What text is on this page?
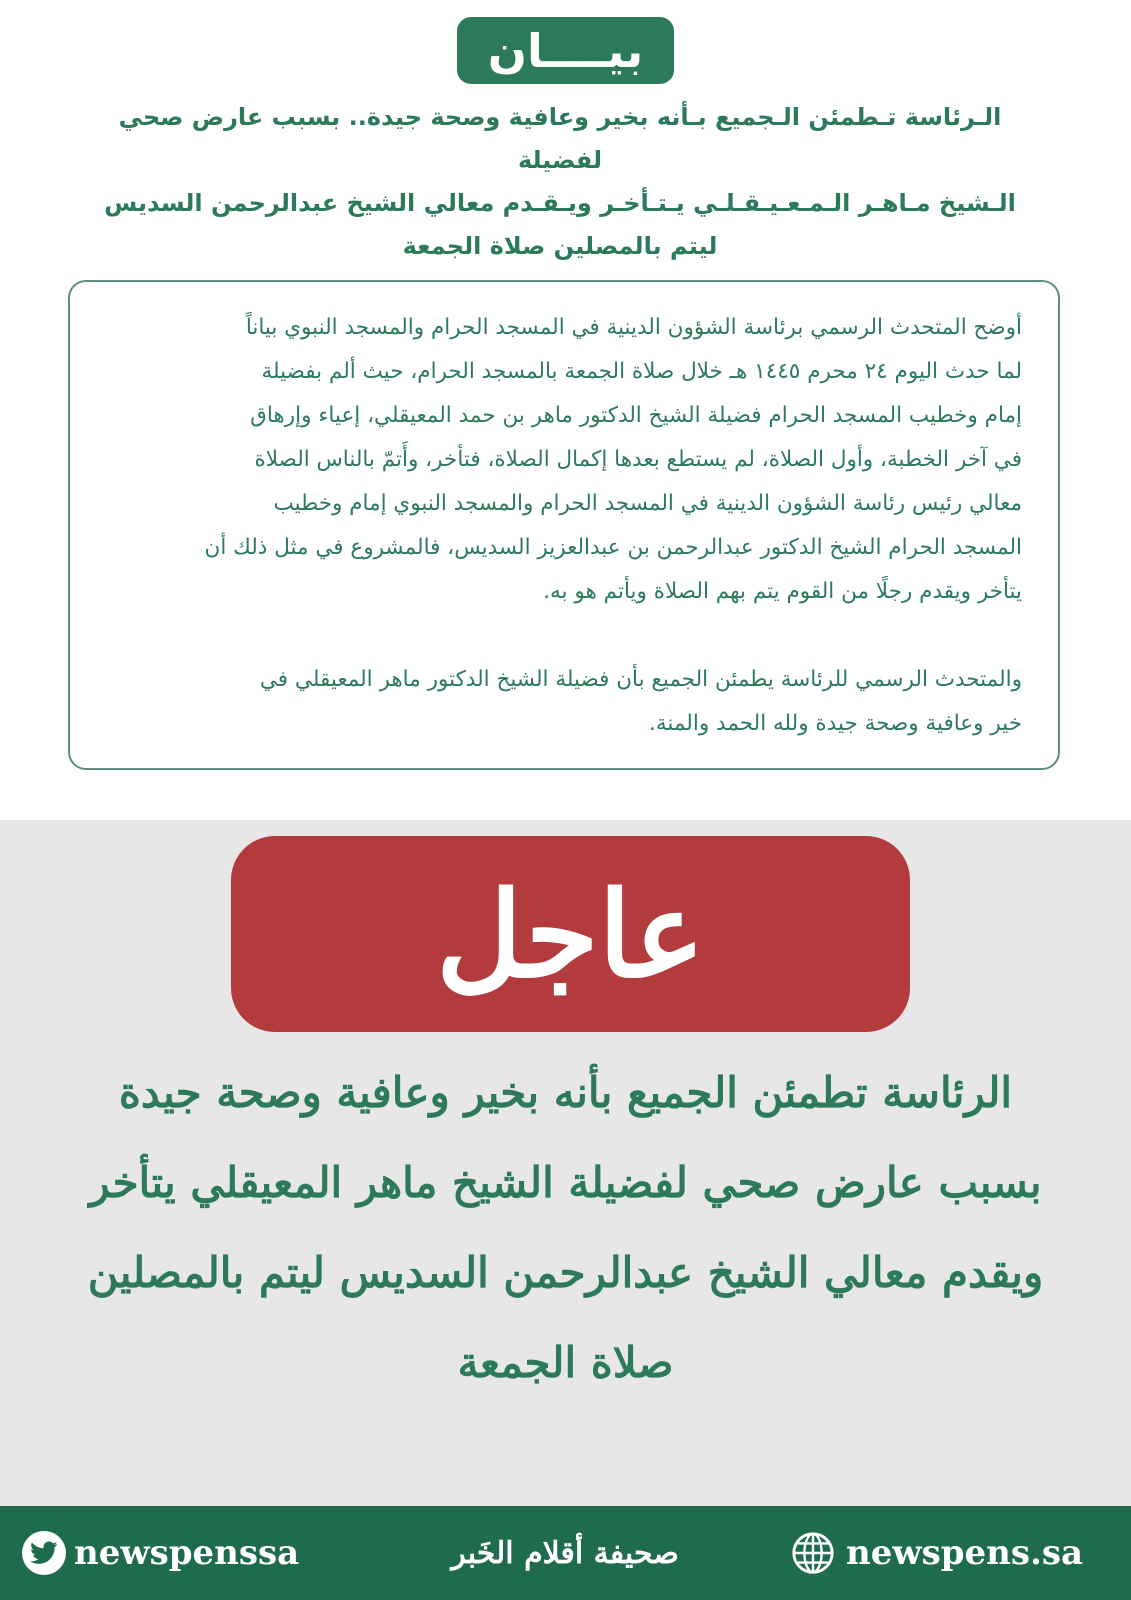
بيــــان
الـرئاسة تـطمئن الـجميع بـأنه بخير وعافية وصحة جيدة.. بسبب عارض صحي لفضيلة
الـشيخ مـاهـر الـمـعـيـقـلـي يـتـأخـر ويـقـدم معالي الشيخ عبدالرحمن السديس
ليتم بالمصلين صلاة الجمعة

أوضح المتحدث الرسمي برئاسة الشؤون الدينية في المسجد الحرام والمسجد النبوي بياناً
لما حدث اليوم ٢٤ محرم ١٤٤٥ هـ خلال صلاة الجمعة بالمسجد الحرام، حيث ألم بفضيلة
إمام وخطيب المسجد الحرام فضيلة الشيخ الدكتور ماهر بن حمد المعيقلي، إعياء وإرهاق
في آخر الخطبة، وأول الصلاة، لم يستطع بعدها إكمال الصلاة، فتأخر، وأَتمّ بالناس الصلاة
معالي رئيس رئاسة الشؤون الدينية في المسجد الحرام والمسجد النبوي إمام وخطيب
المسجد الحرام الشيخ الدكتور عبدالرحمن بن عبدالعزيز السديس، فالمشروع في مثل ذلك أن
يتأخر ويقدم رجلًا من القوم يتم بهم الصلاة ويأتم هو به.

والمتحدث الرسمي للرئاسة يطمئن الجميع بأن فضيلة الشيخ الدكتور ماهر المعيقلي في
خير وعافية وصحة جيدة ولله الحمد والمنة.

عاجل
الرئاسة تطمئن الجميع بأنه بخير وعافية وصحة جيدة
بسبب عارض صحي لفضيلة الشيخ ماهر المعيقلي يتأخر
ويقدم معالي الشيخ عبدالرحمن السديس ليتم بالمصلين
صلاة الجمعة
newspenssa	صحيفة أقلام الخَبر	newspens.sa
